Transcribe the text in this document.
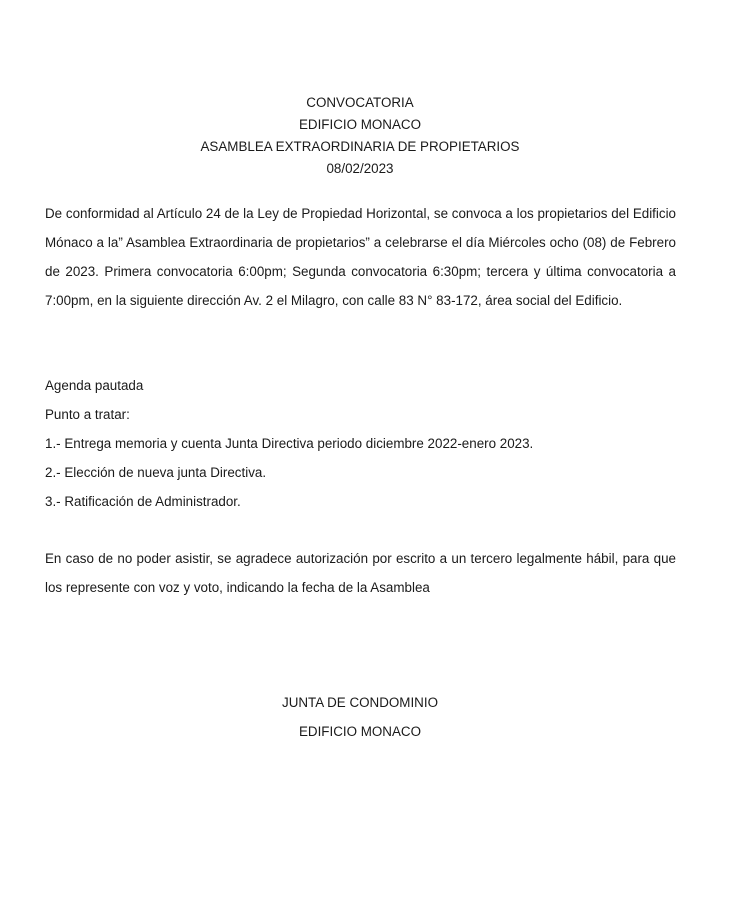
CONVOCATORIA
EDIFICIO MONACO
ASAMBLEA EXTRAORDINARIA DE PROPIETARIOS
08/02/2023
De conformidad al Artículo 24 de la Ley de Propiedad Horizontal, se convoca a los propietarios del Edificio Mónaco a la” Asamblea Extraordinaria de propietarios” a celebrarse el día Miércoles ocho (08) de Febrero de 2023. Primera convocatoria 6:00pm; Segunda convocatoria 6:30pm; tercera y última convocatoria a 7:00pm, en la siguiente dirección Av. 2 el Milagro, con calle 83 N° 83-172, área social del Edificio.
Agenda pautada
Punto a tratar:
1.- Entrega memoria y cuenta Junta Directiva periodo diciembre 2022-enero 2023.
2.- Elección de nueva junta Directiva.
3.- Ratificación de Administrador.
En caso de no poder asistir, se agradece autorización por escrito a un tercero legalmente hábil, para que los represente con voz y voto, indicando la fecha de la Asamblea
JUNTA DE CONDOMINIO
EDIFICIO MONACO
